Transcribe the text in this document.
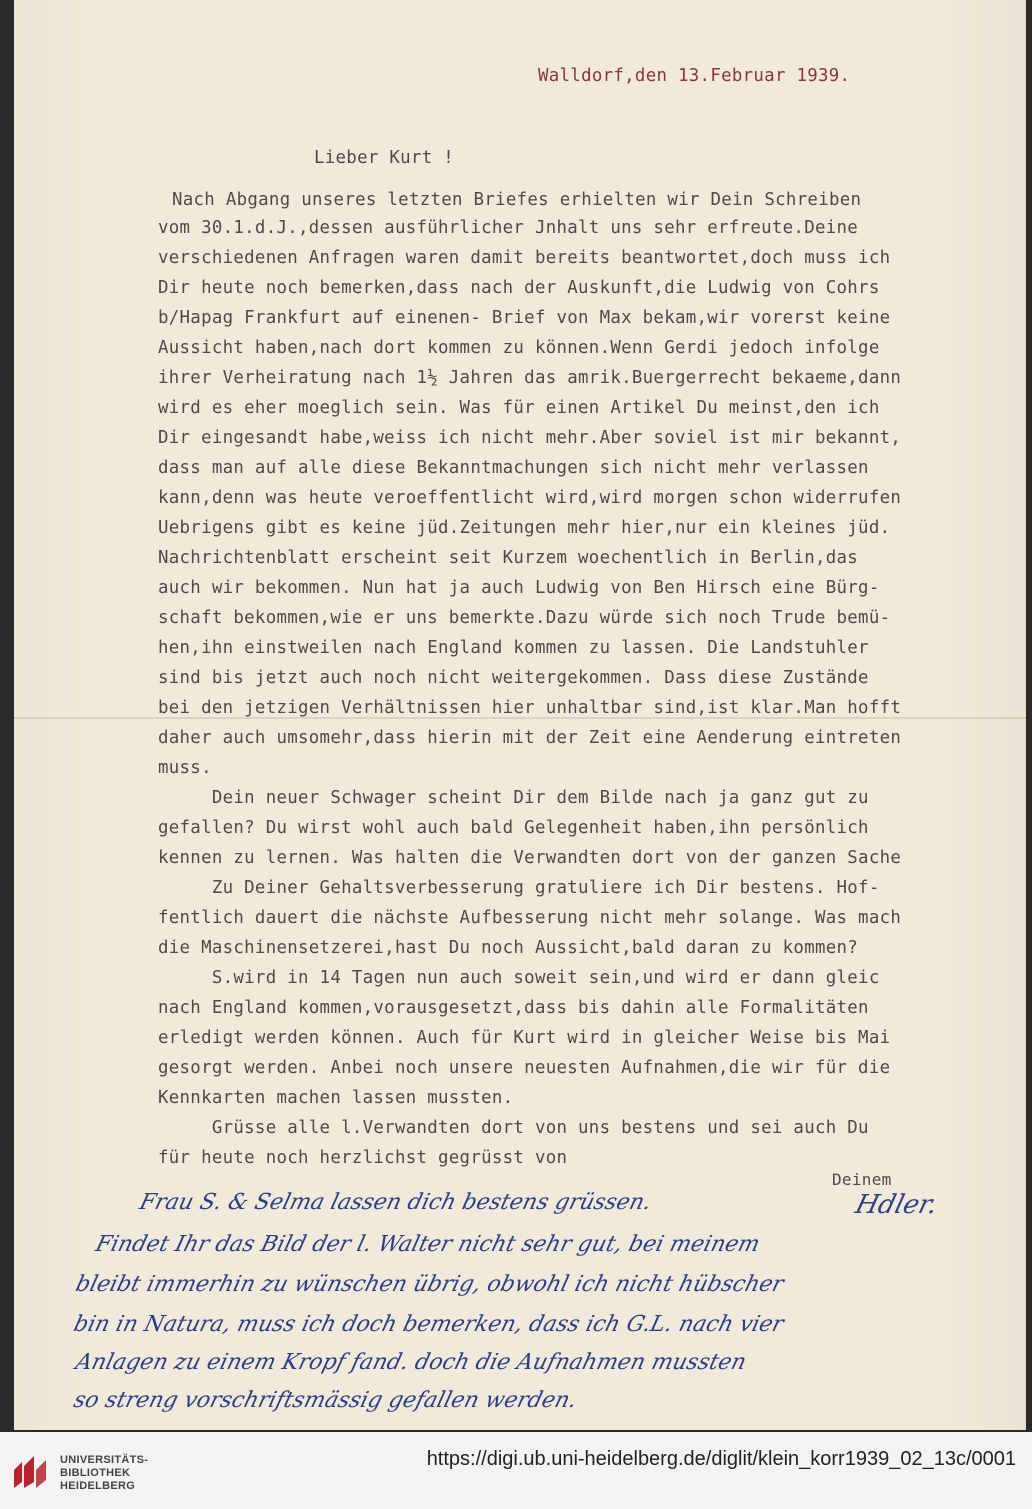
Walldorf,den 13.Februar 1939.
Lieber Kurt !
Nach Abgang unseres letzten Briefes erhielten wir Dein Schreiben
vom 30.1.d.J.,dessen ausführlicher Jnhalt uns sehr erfreute.Deine
verschiedenen Anfragen waren damit bereits beantwortet,doch muss ich
Dir heute noch bemerken,dass nach der Auskunft,die Ludwig von Cohrs
b/Hapag Frankfurt auf einenen- Brief von Max bekam,wir vorerst keine
Aussicht haben,nach dort kommen zu können.Wenn Gerdi jedoch infolge
ihrer Verheiratung nach 1½ Jahren das amrik.Buergerrecht bekaeme,dann
wird es eher moeglich sein. Was für einen Artikel Du meinst,den ich
Dir eingesandt habe,weiss ich nicht mehr.Aber soviel ist mir bekannt,
dass man auf alle diese Bekanntmachungen sich nicht mehr verlassen
kann,denn was heute veroeffentlicht wird,wird morgen schon widerrufen
Uebrigens gibt es keine jüd.Zeitungen mehr hier,nur ein kleines jüd.
Nachrichtenblatt erscheint seit Kurzem woechentlich in Berlin,das
auch wir bekommen. Nun hat ja auch Ludwig von Ben Hirsch eine Bürg-
schaft bekommen,wie er uns bemerkte.Dazu würde sich noch Trude bemü-
hen,ihn einstweilen nach England kommen zu lassen. Die Landstuhler
sind bis jetzt auch noch nicht weitergekommen. Dass diese Zustände
bei den jetzigen Verhältnissen hier unhaltbar sind,ist klar.Man hofft
daher auch umsomehr,dass hierin mit der Zeit eine Aenderung eintreten
muss.
Dein neuer Schwager scheint Dir dem Bilde nach ja ganz gut zu
gefallen? Du wirst wohl auch bald Gelegenheit haben,ihn persönlich
kennen zu lernen. Was halten die Verwandten dort von der ganzen Sache
Zu Deiner Gehaltsverbesserung gratuliere ich Dir bestens. Hof-
fentlich dauert die nächste Aufbesserung nicht mehr solange. Was mach
die Maschinensetzerei,hast Du noch Aussicht,bald daran zu kommen?
S.wird in 14 Tagen nun auch soweit sein,und wird er dann gleic
nach England kommen,vorausgesetzt,dass bis dahin alle Formalitäten
erledigt werden können. Auch für Kurt wird in gleicher Weise bis Mai
gesorgt werden. Anbei noch unsere neuesten Aufnahmen,die wir für die
Kennkarten machen lassen mussten.
Grüsse alle l.Verwandten dort von uns bestens und sei auch Du
für heute noch herzlichst gegrüsst von
Deinem
Hdler.
Frau S. & Selma lassen dich bestens grüssen.
Findet Ihr das Bild der l. Walter nicht sehr gut, bei meinem
bleibt immerhin zu wünschen übrig, obwohl ich nicht hübscher
bin in Natura, muss ich doch bemerken, dass ich G.L. nach vier
Anlagen zu einem Kropf fand. doch die Aufnahmen mussten
so streng vorschriftsmässig gefallen werden.
UNIVERSITÄTS-
BIBLIOTHEK
HEIDELBERG
https://digi.ub.uni-heidelberg.de/diglit/klein_korr1939_02_13c/0001
